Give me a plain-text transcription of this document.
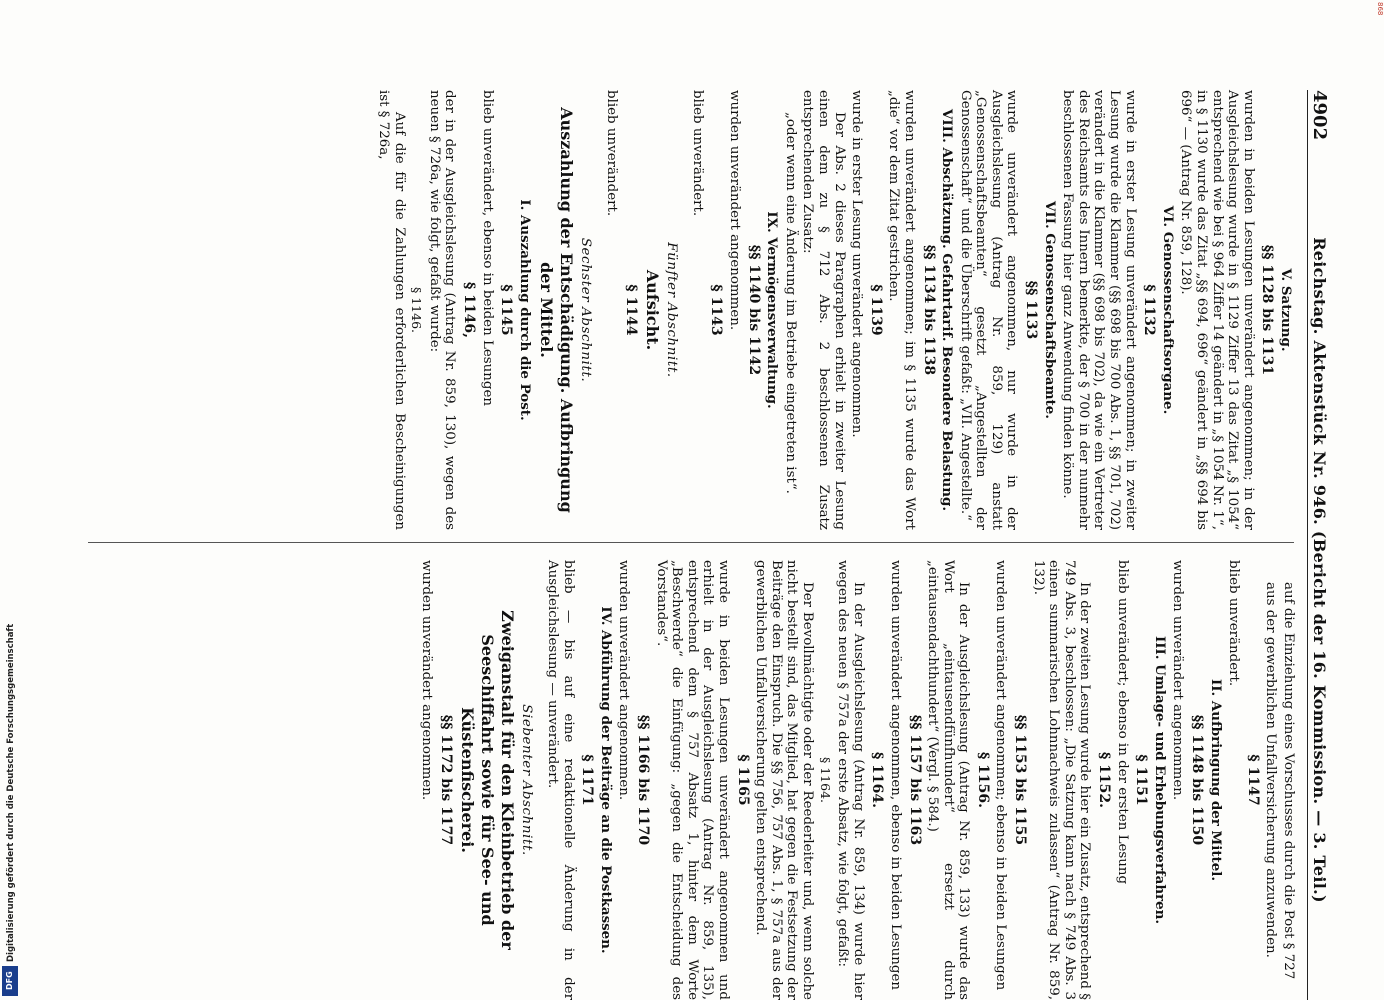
Digitalisierung gefördert durch die Deutsche Forschungsgemeinschaft
DFG
868
4902
Reichstag. Aktenstück Nr. 946. (Bericht der 16. Kommission. — 3. Teil.)
V. Satzung.
§§ 1128 bis 1131
wurden in beiden Lesungen unverändert angenommen; in der Ausgleichslesung wurde in § 1129 Ziffer 13 das Zitat „§ 1054“ entsprechend wie bei § 964 Ziffer 14 geändert in „§ 1054 Nr. 1“, in § 1130 wurde das Zitat „§§ 694, 696“ geändert in „§§ 694 bis 696“ — (Antrag Nr. 859, 128).
VI. Genossenschaftsorgane.
§ 1132
wurde in erster Lesung unverändert angenommen; in zweiter Lesung wurde die Klammer (§§ 698 bis 700 Abs. 1, §§ 701, 702) verändert in die Klammer (§§ 698 bis 702), da wie ein Vertreter des Reichsamts des Innern bemerkte, der § 700 in der nunmehr beschlossenen Fassung hier ganz Anwendung finden könne.
VII. Genossenschaftsbeamte.
§§ 1133
wurde unverändert angenommen, nur wurde in der Ausgleichslesung (Antrag Nr. 859, 129) anstatt „Genossenschaftsbeamten“ gesetzt „Angestellten der Genossenschaft“ und die Überschrift gefaßt: „VII. Angestellte.“
VIII. Abschätzung. Gefahrtarif. Besondere Belastung.
§§ 1134 bis 1138
wurden unverändert angenommen; im § 1135 wurde das Wort „die“ vor dem Zitat gestrichen.
§ 1139
wurde in erster Lesung unverändert angenommen.
Der Abs. 2 dieses Paragraphen erhielt in zweiter Lesung einen dem zu § 712 Abs. 2 beschlossenen Zusatz entsprechenden Zusatz:
„oder wenn eine Änderung im Betriebe eingetreten ist“.
IX. Vermögensverwaltung.
§§ 1140 bis 1142
wurden unverändert angenommen.
§ 1143
blieb unverändert.
Fünfter Abschnitt.
Aufsicht.
§ 1144
blieb unverändert.
Sechster Abschnitt.
Auszahlung der Entschädigung. Aufbringung der Mittel.
I. Auszahlung durch die Post.
§ 1145
blieb unverändert, ebenso in beiden Lesungen
§ 1146,
der in der Ausgleichslesung (Antrag Nr. 859, 130), wegen des neuen § 726a, wie folgt, gefaßt wurde:
§ 1146.
Auf die für die Zahlungen erforderlichen Bescheinigungen ist § 726a,
auf die Einziehung eines Vorschusses durch die Post § 727
aus der gewerblichen Unfallversicherung anzuwenden.
§ 1147
blieb unverändert.
II. Aufbringung der Mittel.
§§ 1148 bis 1150
wurden unverändert angenommen.
III. Umlage- und Erhebungsverfahren.
§ 1151
blieb unverändert; ebenso in der ersten Lesung
§ 1152.
In der zweiten Lesung wurde hier ein Zusatz, entsprechend § 749 Abs. 3, beschlossen: „Die Satzung kann nach § 749 Abs. 3 einen summarischen Lohnnachweis zulassen“ (Antrag Nr. 859, 132).
§§ 1153 bis 1155
wurden unverändert angenommen; ebenso in beiden Lesungen
§ 1156.
In der Ausgleichslesung (Antrag Nr. 859, 133) wurde das Wort „eintausendfünfhundert“ ersetzt durch „eintausendachthundert“ (Vergl. § 584.)
§§ 1157 bis 1163
wurden unverändert angenommen, ebenso in beiden Lesungen
§ 1164.
In der Ausgleichslesung (Antrag Nr. 859, 134) wurde hier wegen des neuen § 757a der erste Absatz, wie folgt, gefaßt:
§ 1164.
Der Bevollmächtigte oder der Reederleiter und, wenn solche nicht bestellt sind, das Mitglied, hat gegen die Festsetzung der Beiträge den Einspruch. Die §§ 756, 757 Abs. 1, § 757a aus der gewerblichen Unfallversicherung gelten entsprechend.
§ 1165
wurde in beiden Lesungen unverändert angenommen und erhielt in der Ausgleichslesung (Antrag Nr. 859, 135), entsprechend dem § 757 Absatz 1, hinter dem Worte „Beschwerde“ die Einfügung: „gegen die Entscheidung des Vorstandes“.
§§ 1166 bis 1170
wurden unverändert angenommen.
IV. Abführung der Beiträge an die Postkassen.
§ 1171
blieb — bis auf eine redaktionelle Änderung in der Ausgleichslesung — unverändert.
Siebenter Abschnitt.
Zweiganstalt für den Kleinbetrieb der Seeschiffahrt sowie für See- und Küstenfischerei.
§§ 1172 bis 1177
wurden unverändert angenommen.
